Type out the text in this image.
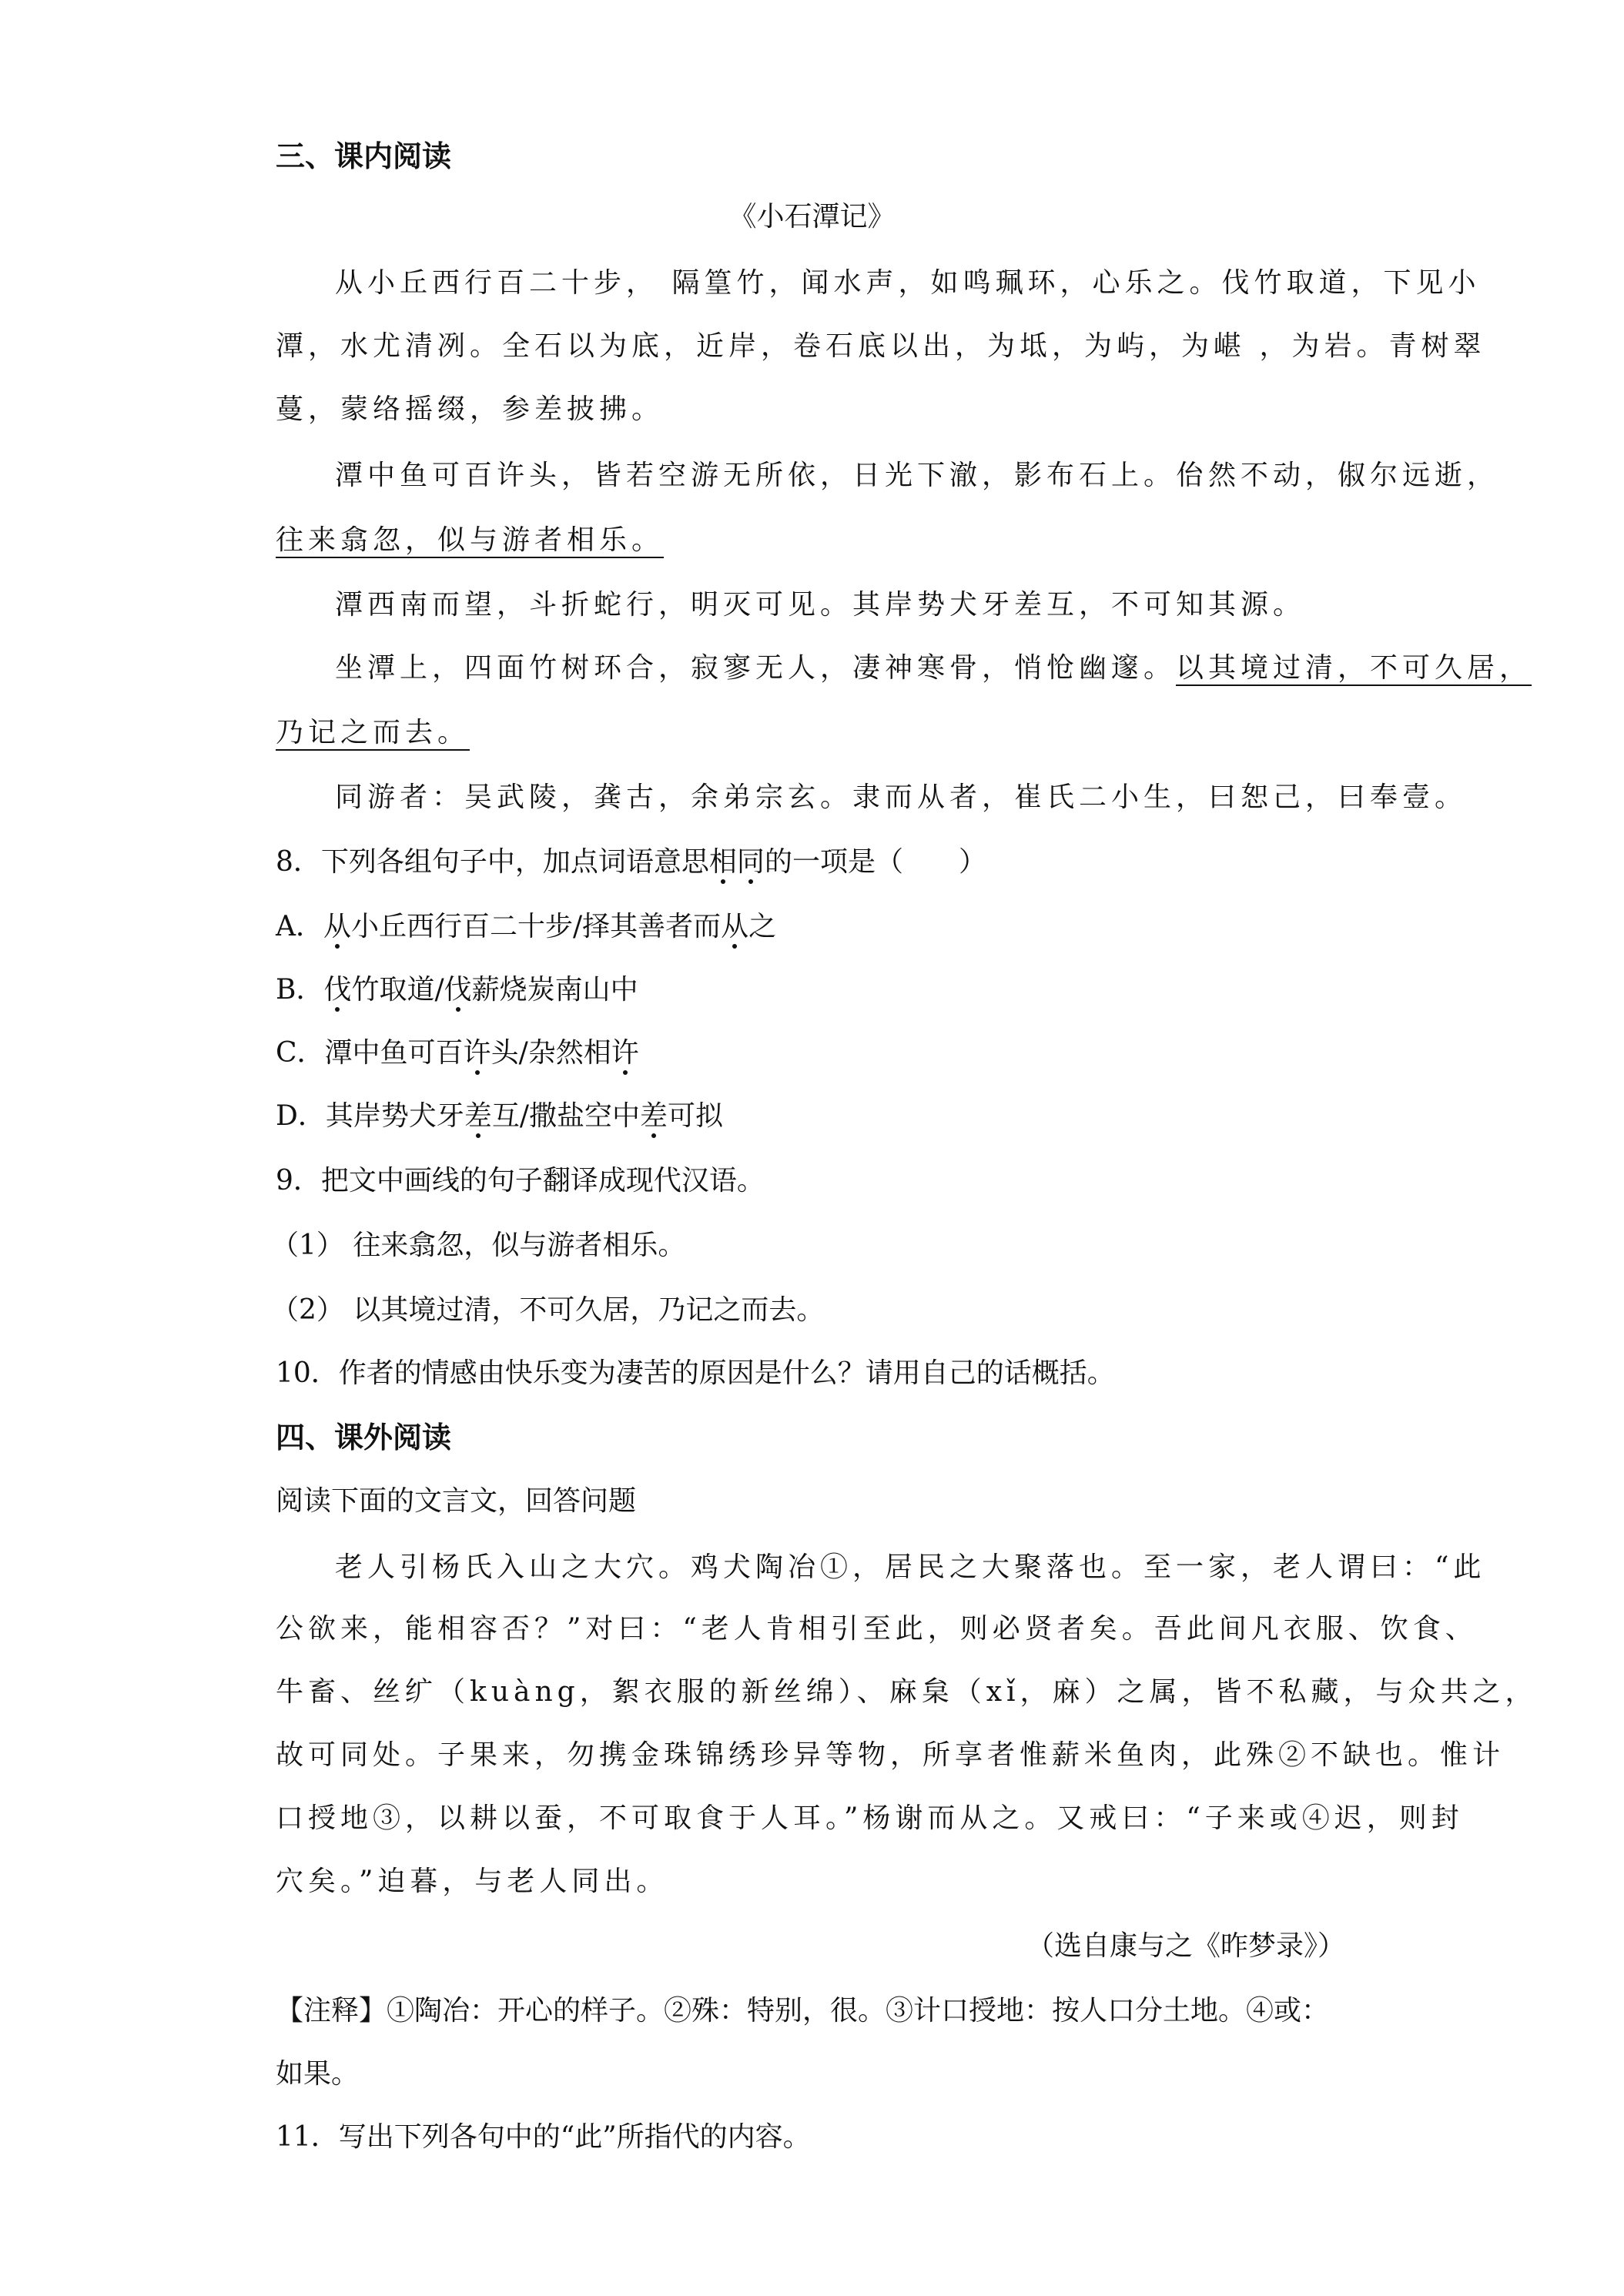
三、课内阅读
《小石潭记》
从小丘西行百二十步， 隔篁竹，闻水声，如鸣珮环，心乐之。伐竹取道，下见小
潭，水尤清冽。全石以为底，近岸，卷石底以出，为坻，为屿，为嵁 ，为岩。青树翠
蔓，蒙络摇缀，参差披拂。
潭中鱼可百许头，皆若空游无所依，日光下澈，影布石上。佁然不动，俶尔远逝，
往来翕忽，似与游者相乐。
潭西南而望，斗折蛇行，明灭可见。其岸势犬牙差互，不可知其源。
坐潭上，四面竹树环合，寂寥无人，凄神寒骨，悄怆幽邃。以其境过清，不可久居，
乃记之而去。
同游者：吴武陵，龚古，余弟宗玄。隶而从者，崔氏二小生，曰恕己，曰奉壹。
8．下列各组句子中，加点词语意思相同的一项是（　　）
A．从小丘西行百二十步/择其善者而从之
B．伐竹取道/伐薪烧炭南山中
C．潭中鱼可百许头/杂然相许
D．其岸势犬牙差互/撒盐空中差可拟
9．把文中画线的句子翻译成现代汉语。
（1） 往来翕忽，似与游者相乐。
（2） 以其境过清，不可久居，乃记之而去。
10．作者的情感由快乐变为凄苦的原因是什么？请用自己的话概括。
四、课外阅读
阅读下面的文言文，回答问题
老人引杨氏入山之大穴。鸡犬陶冶①，居民之大聚落也。至一家，老人谓曰：“此
公欲来，能相容否？”对曰：“老人肯相引至此，则必贤者矣。吾此间凡衣服、饮食、
牛畜、丝纩（kuàng，絮衣服的新丝绵）、麻枲（xǐ，麻）之属，皆不私藏，与众共之，
故可同处。子果来，勿携金珠锦绣珍异等物，所享者惟薪米鱼肉，此殊②不缺也。惟计
口授地③，以耕以蚕，不可取食于人耳。”杨谢而从之。又戒曰：“子来或④迟，则封
穴矣。”迫暮，与老人同出。
（选自康与之《昨梦录》）
【注释】①陶冶：开心的样子。②殊：特别，很。③计口授地：按人口分土地。④或：
如果。
11．写出下列各句中的“此”所指代的内容。
